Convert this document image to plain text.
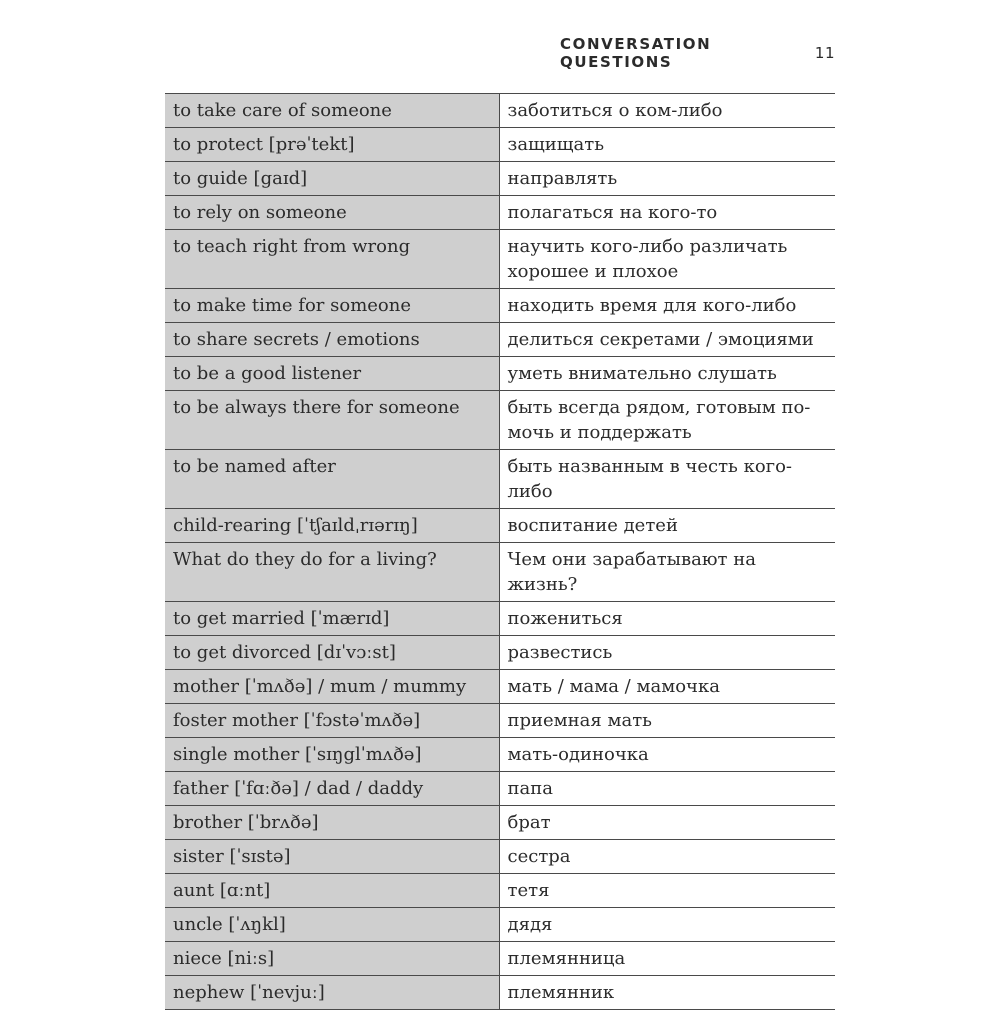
CONVERSATION QUESTIONS	11
to take care of someone	заботиться о ком-либо
to protect [prəˈtekt]	защищать
to guide [gaɪd]	направлять
to rely on someone	полагаться на кого-то
to teach right from wrong	научить кого-либо различать хорошее и плохое
to make time for someone	находить время для кого-либо
to share secrets / emotions	делиться секретами / эмоциями
to be a good listener	уметь внимательно слушать
to be always there for someone	быть всегда рядом, готовым по-мочь и поддержать
to be named after	быть названным в честь кого-либо
child-rearing [ˈtʃaɪldˌrɪərɪŋ]	воспитание детей
What do they do for a living?	Чем они зарабатывают на жизнь?
to get married [ˈmærɪd]	пожениться
to get divorced [dɪˈvɔːst]	развестись
mother [ˈmʌðə] / mum / mummy	мать / мама / мамочка
foster mother [ˈfɔstəˈmʌðə]	приемная мать
single mother [ˈsɪŋglˈmʌðə]	мать-одиночка
father [ˈfɑːðə] / dad / daddy	папа
brother [ˈbrʌðə]	брат
sister [ˈsɪstə]	сестра
aunt [ɑːnt]	тетя
uncle [ˈʌŋkl]	дядя
niece [niːs]	племянница
nephew [ˈnevjuː]	племянник
